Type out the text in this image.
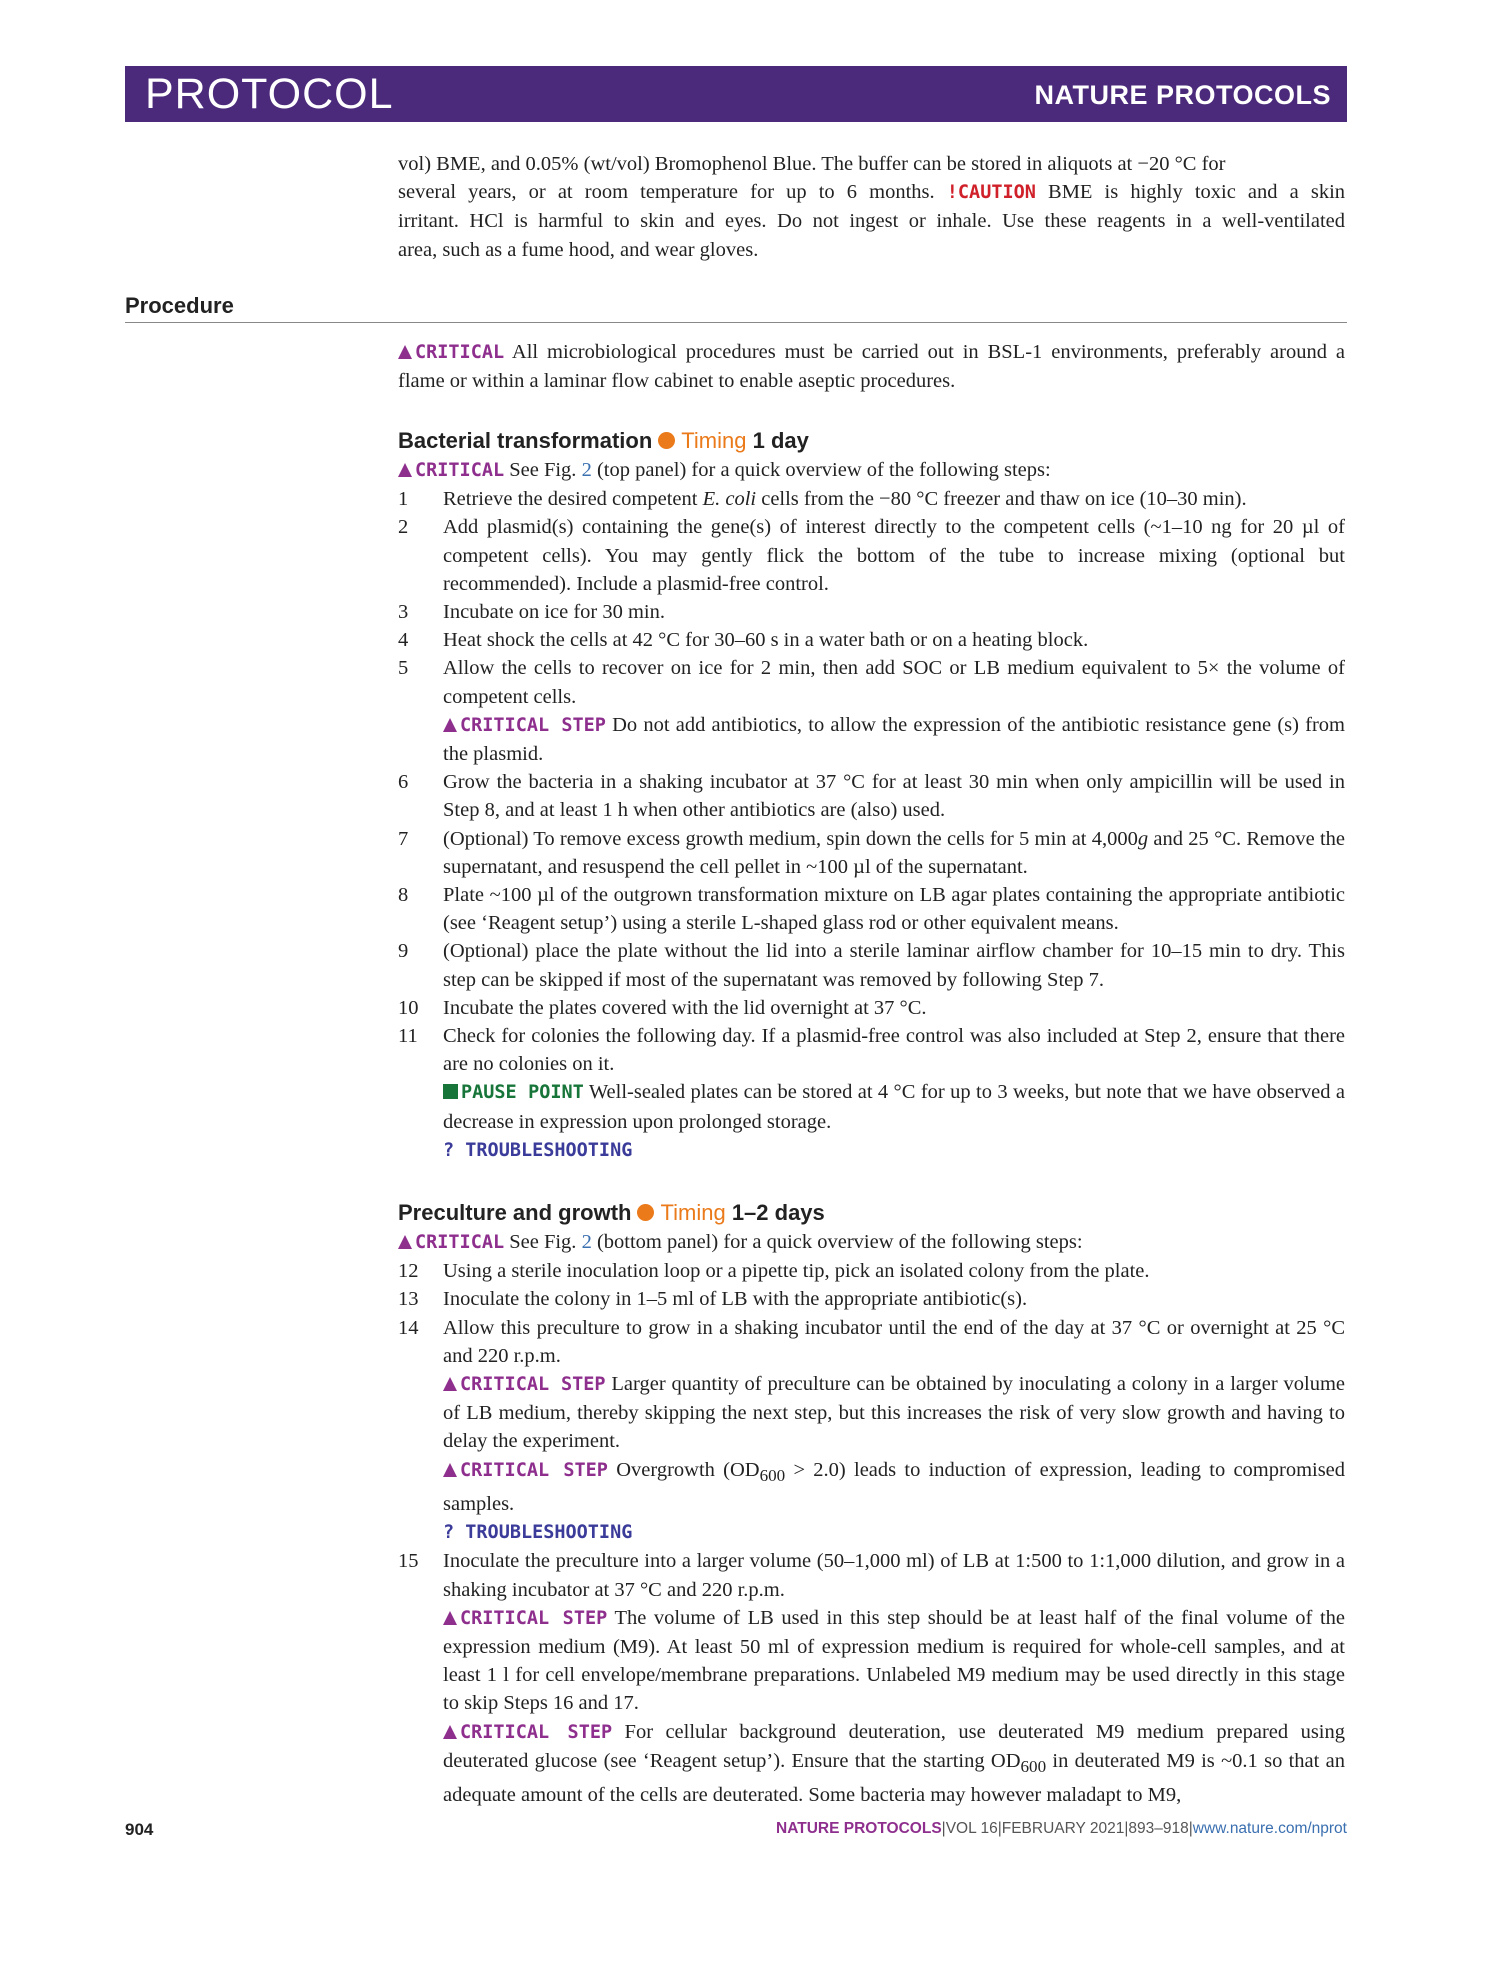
PROTOCOL	NATURE PROTOCOLS

vol) BME, and 0.05% (wt/vol) Bromophenol Blue. The buffer can be stored in aliquots at −20 °C for

several years, or at room temperature for up to 6 months. !CAUTION BME is highly toxic and a skin

irritant. HCl is harmful to skin and eyes. Do not ingest or inhale. Use these reagents in a well-ventilated

area, such as a fume hood, and wear gloves.

Procedure

CRITICAL All microbiological procedures must be carried out in BSL-1 environments, preferably around a flame or within a laminar flow cabinet to enable aseptic procedures.

Bacterial transformation Timing 1 day

CRITICAL See Fig. 2 (top panel) for a quick overview of the following steps:

1	Retrieve the desired competent E. coli cells from the −80 °C freezer and thaw on ice (10–30 min).
2	Add plasmid(s) containing the gene(s) of interest directly to the competent cells (~1–10 ng for 20 µl of competent cells). You may gently flick the bottom of the tube to increase mixing (optional but recommended). Include a plasmid-free control.
3	Incubate on ice for 30 min.
4	Heat shock the cells at 42 °C for 30–60 s in a water bath or on a heating block.
5	Allow the cells to recover on ice for 2 min, then add SOC or LB medium equivalent to 5× the volume of competent cells.
CRITICAL STEP Do not add antibiotics, to allow the expression of the antibiotic resistance gene (s) from the plasmid.
6	Grow the bacteria in a shaking incubator at 37 °C for at least 30 min when only ampicillin will be used in Step 8, and at least 1 h when other antibiotics are (also) used.
7	(Optional) To remove excess growth medium, spin down the cells for 5 min at 4,000g and 25 °C. Remove the supernatant, and resuspend the cell pellet in ~100 µl of the supernatant.
8	Plate ~100 µl of the outgrown transformation mixture on LB agar plates containing the appropriate antibiotic (see ‘Reagent setup’) using a sterile L-shaped glass rod or other equivalent means.
9	(Optional) place the plate without the lid into a sterile laminar airflow chamber for 10–15 min to dry. This step can be skipped if most of the supernatant was removed by following Step 7.
10	Incubate the plates covered with the lid overnight at 37 °C.
11	Check for colonies the following day. If a plasmid-free control was also included at Step 2, ensure that there are no colonies on it.
PAUSE POINT Well-sealed plates can be stored at 4 °C for up to 3 weeks, but note that we have observed a decrease in expression upon prolonged storage.
? TROUBLESHOOTING
Preculture and growth Timing 1–2 days

CRITICAL See Fig. 2 (bottom panel) for a quick overview of the following steps:

12	Using a sterile inoculation loop or a pipette tip, pick an isolated colony from the plate.
13	Inoculate the colony in 1–5 ml of LB with the appropriate antibiotic(s).
14	Allow this preculture to grow in a shaking incubator until the end of the day at 37 °C or overnight at 25 °C and 220 r.p.m.
CRITICAL STEP Larger quantity of preculture can be obtained by inoculating a colony in a larger volume of LB medium, thereby skipping the next step, but this increases the risk of very slow growth and having to delay the experiment.
CRITICAL STEP Overgrowth $(OD_{600} > 2.0)$ leads to induction of expression, leading to compromised samples.
? TROUBLESHOOTING
15	Inoculate the preculture into a larger volume (50–1,000 ml) of LB at 1:500 to 1:1,000 dilution, and grow in a shaking incubator at 37 °C and 220 r.p.m.
CRITICAL STEP The volume of LB used in this step should be at least half of the final volume of the expression medium (M9). At least 50 ml of expression medium is required for whole-cell samples, and at least 1 l for cell envelope/membrane preparations. Unlabeled M9 medium may be used directly in this stage to skip Steps 16 and 17.
CRITICAL STEP For cellular background deuteration, use deuterated M9 medium prepared using deuterated glucose (see ‘Reagent setup’). Ensure that the starting $OD_{600}$ in deuterated M9 is ~0.1 so that an adequate amount of the cells are deuterated. Some bacteria may however maladapt to M9,
904	NATURE PROTOCOLS|VOL 16|FEBRUARY 2021|893–918|www.nature.com/nprot
